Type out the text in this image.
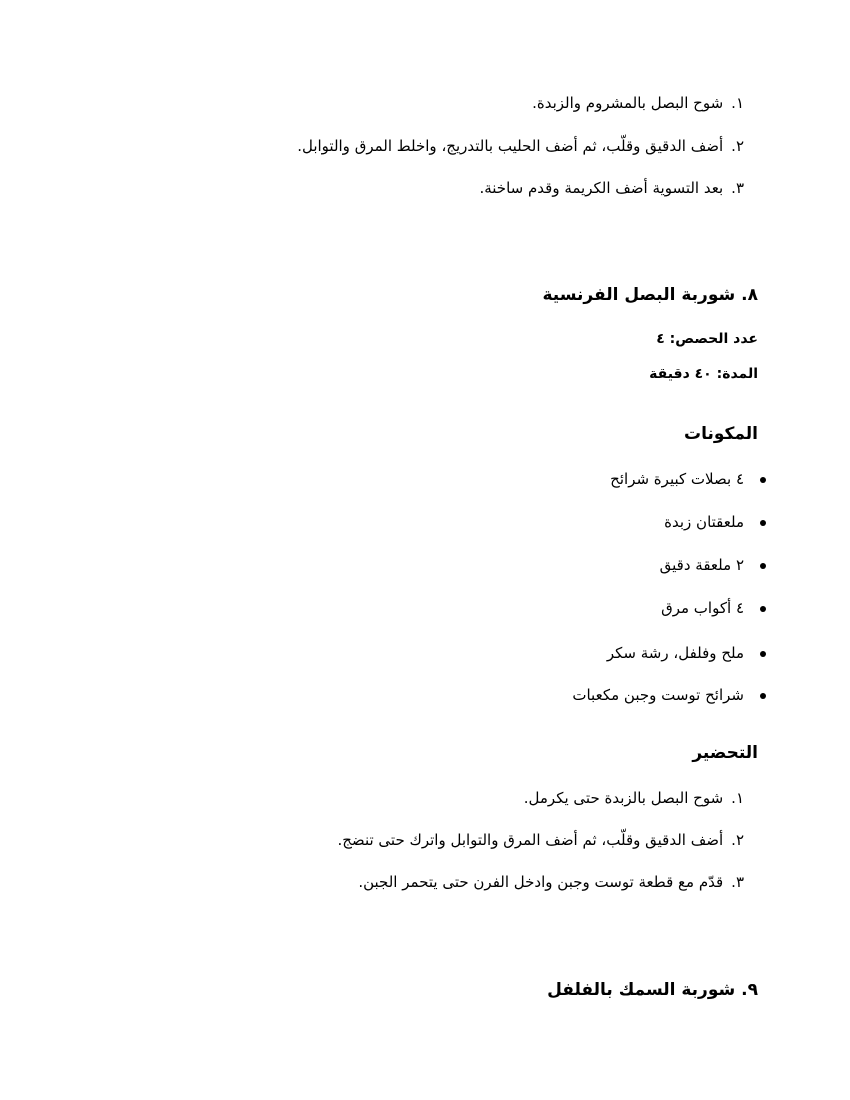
١.شوح البصل بالمشروم والزبدة.
٢.أضف الدقيق وقلّب، ثم أضف الحليب بالتدريج، واخلط المرق والتوابل.
٣.بعد التسوية أضف الكريمة وقدم ساخنة.
٨. شوربة البصل الفرنسية
عدد الحصص: ٤
المدة: ٤٠ دقيقة
المكونات
٤ بصلات كبيرة شرائح
ملعقتان زبدة
٢ ملعقة دقيق
٤ أكواب مرق
ملح وفلفل، رشة سكر
شرائح توست وجبن مكعبات
التحضير
١.شوح البصل بالزبدة حتى يكرمل.
٢.أضف الدقيق وقلّب، ثم أضف المرق والتوابل واترك حتى تنضج.
٣.قدّم مع قطعة توست وجبن وادخل الفرن حتى يتحمر الجبن.
٩. شوربة السمك بالفلفل
